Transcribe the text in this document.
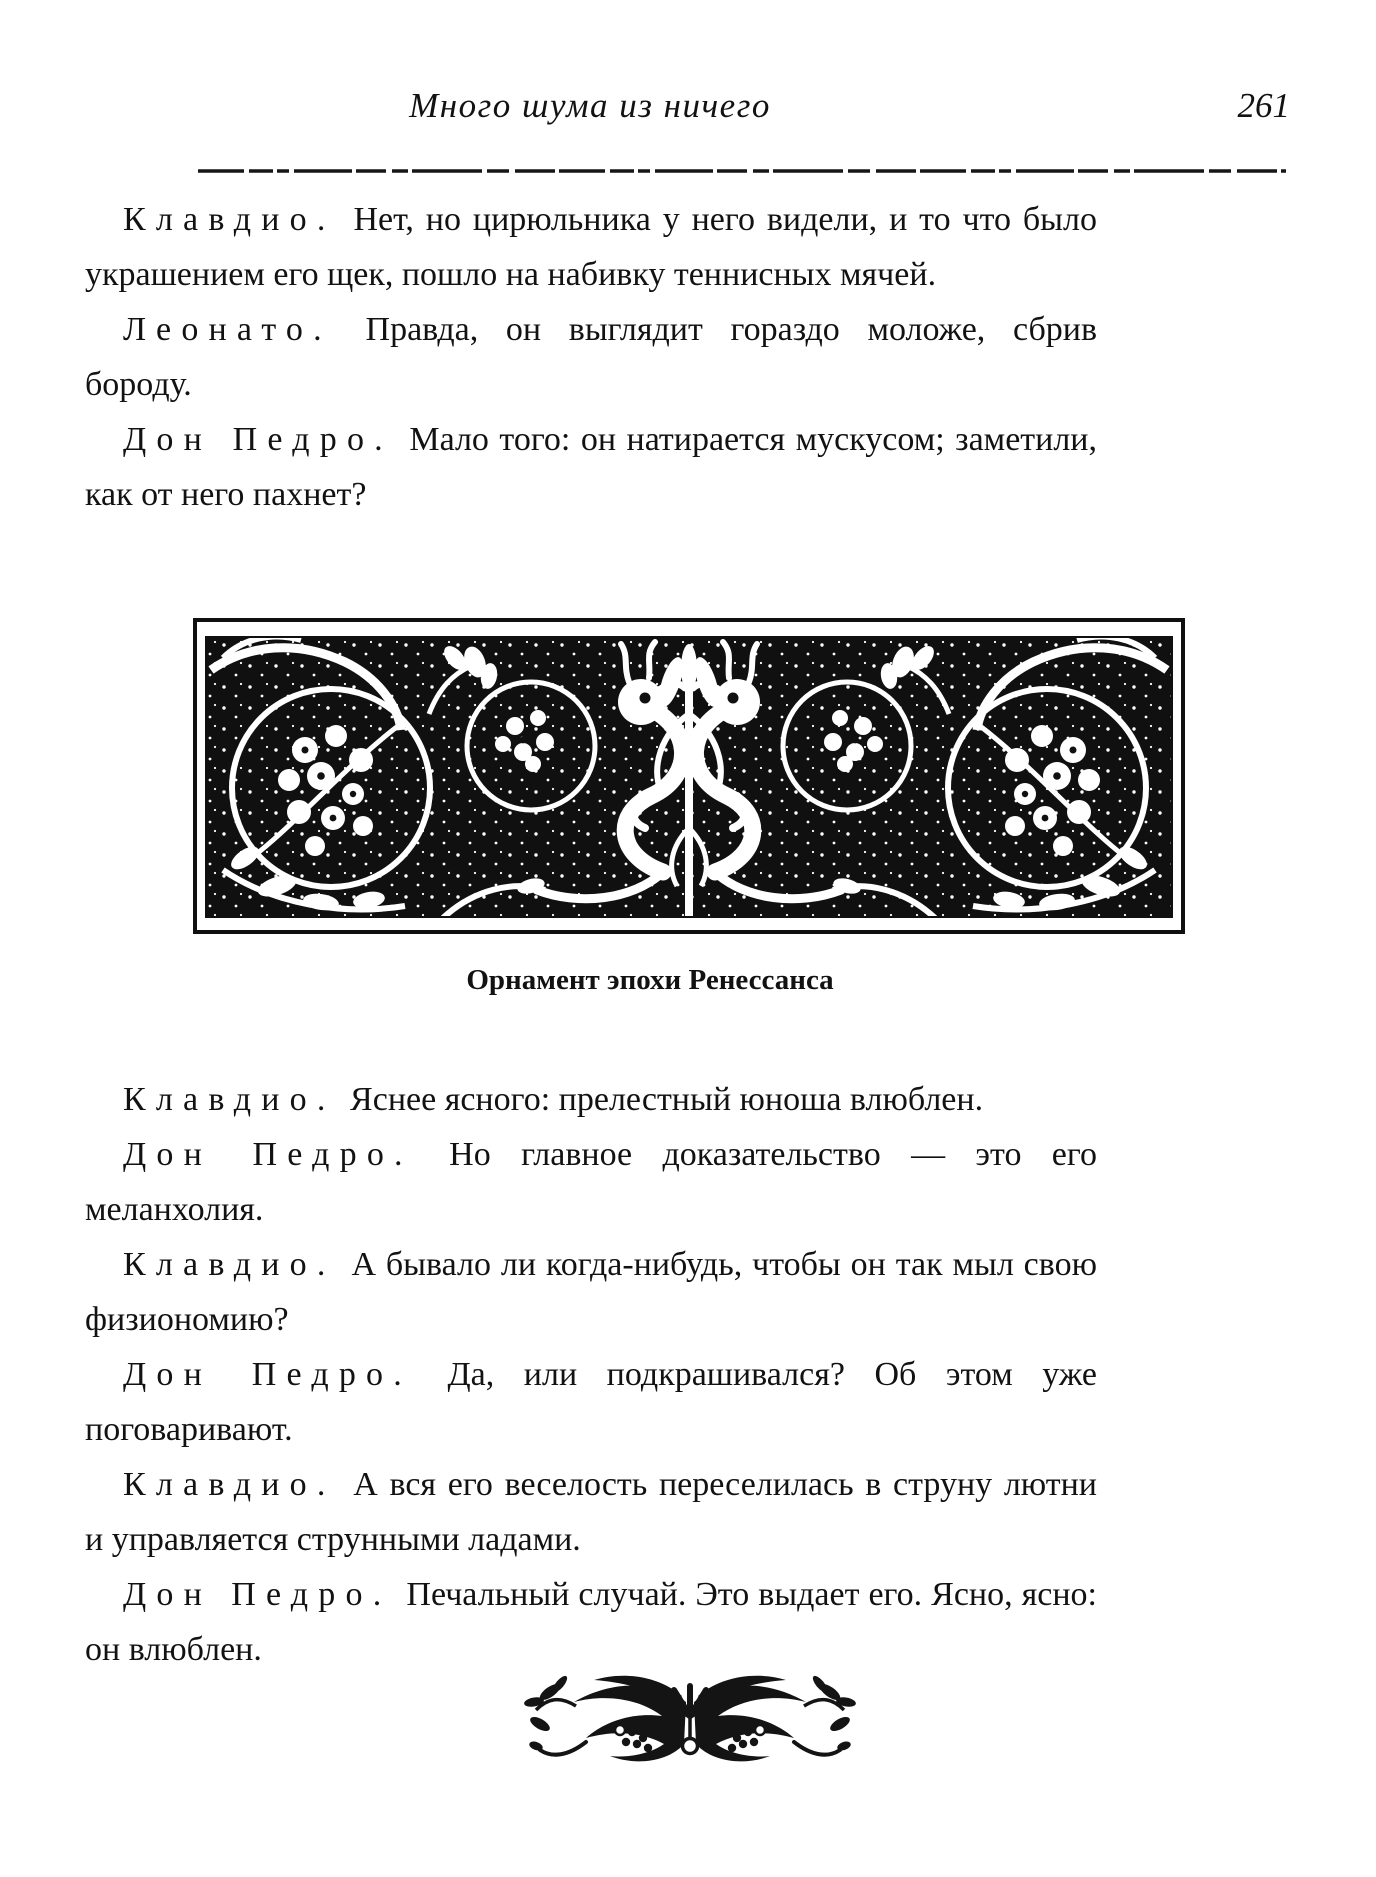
Много шума из ничего	261

Клавдио. Нет, но цирюльника у него видели, и то что было украшением его щек, пошло на набивку теннисных мячей.

Леонато. Правда, он выглядит гораздо моложе, сбрив бороду.

Дон Педро. Мало того: он натирается мускусом; заметили, как от него пахнет?

Орнамент эпохи Ренессанса

Клавдио. Яснее ясного: прелестный юноша влюблен.

Дон Педро. Но главное доказательство — это его меланхолия.

Клавдио. А бывало ли когда-нибудь, чтобы он так мыл свою физиономию?

Дон Педро. Да, или подкрашивался? Об этом уже поговаривают.

Клавдио. А вся его веселость переселилась в струну лютни и управляется струнными ладами.

Дон Педро. Печальный случай. Это выдает его. Ясно, ясно: он влюблен.
